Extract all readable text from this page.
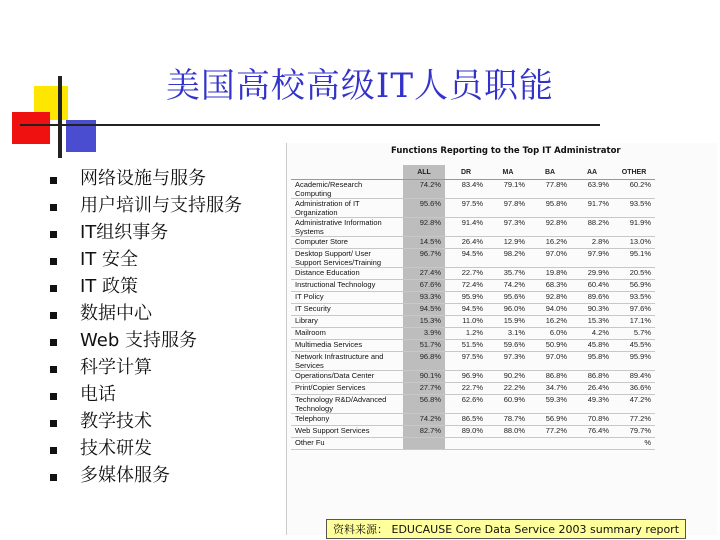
美国高校高级IT人员职能
网络设施与服务
用户培训与支持服务
IT组织事务
IT 安全
IT 政策
数据中心
Web 支持服务
科学计算
电话
教学技术
技术研发
多媒体服务
Functions Reporting to the Top IT Administrator
	ALL	DR	MA	BA	AA	OTHER
Academic/Research Computing	74.2%	83.4%	79.1%	77.8%	63.9%	60.2%
Administration of IT Organization	95.6%	97.5%	97.8%	95.8%	91.7%	93.5%
Administrative Information Systems	92.8%	91.4%	97.3%	92.8%	88.2%	91.9%
Computer Store	14.5%	26.4%	12.9%	16.2%	2.8%	13.0%
Desktop Support/ User Support Services/Training	96.7%	94.5%	98.2%	97.0%	97.9%	95.1%
Distance Education	27.4%	22.7%	35.7%	19.8%	29.9%	20.5%
Instructional Technology	67.6%	72.4%	74.2%	68.3%	60.4%	56.9%
IT Policy	93.3%	95.9%	95.6%	92.8%	89.6%	93.5%
IT Security	94.5%	94.5%	96.0%	94.0%	90.3%	97.6%
Library	15.3%	11.0%	15.9%	16.2%	15.3%	17.1%
Mailroom	3.9%	1.2%	3.1%	6.0%	4.2%	5.7%
Multimedia Services	51.7%	51.5%	59.6%	50.9%	45.8%	45.5%
Network Infrastructure and Services	96.8%	97.5%	97.3%	97.0%	95.8%	95.9%
Operations/Data Center	90.1%	96.9%	90.2%	86.8%	86.8%	89.4%
Print/Copier Services	27.7%	22.7%	22.2%	34.7%	26.4%	36.6%
Technology R&D/Advanced Technology	56.8%	62.6%	60.9%	59.3%	49.3%	47.2%
Telephony	74.2%	86.5%	78.7%	56.9%	70.8%	77.2%
Web Support Services	82.7%	89.0%	88.0%	77.2%	76.4%	79.7%
Other Fu						%
资料来源： EDUCAUSE Core Data Service 2003 summary report
